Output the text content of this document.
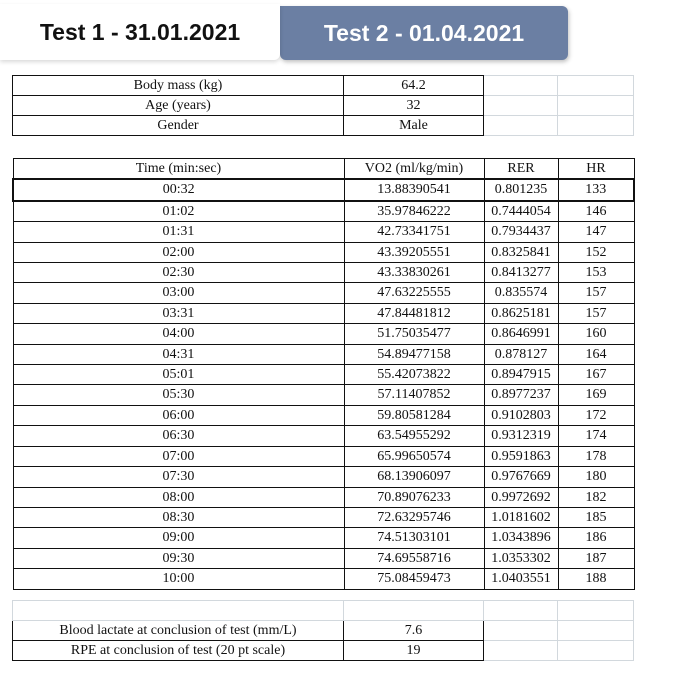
Test 1 - 31.01.2021	Test 2 - 01.04.2021
Body mass (kg)	64.2		
Age (years)	32		
Gender	Male		
Time (min:sec)	VO2 (ml/kg/min)	RER	HR
00:32	13.88390541	0.801235	133
01:02	35.97846222	0.7444054	146
01:31	42.73341751	0.7934437	147
02:00	43.39205551	0.8325841	152
02:30	43.33830261	0.8413277	153
03:00	47.63225555	0.835574	157
03:31	47.84481812	0.8625181	157
04:00	51.75035477	0.8646991	160
04:31	54.89477158	0.878127	164
05:01	55.42073822	0.8947915	167
05:30	57.11407852	0.8977237	169
06:00	59.80581284	0.9102803	172
06:30	63.54955292	0.9312319	174
07:00	65.99650574	0.9591863	178
07:30	68.13906097	0.9767669	180
08:00	70.89076233	0.9972692	182
08:30	72.63295746	1.0181602	185
09:00	74.51303101	1.0343896	186
09:30	74.69558716	1.0353302	187
10:00	75.08459473	1.0403551	188

Blood lactate at conclusion of test (mm/L)	7.6		
RPE at conclusion of test (20 pt scale)	19		
